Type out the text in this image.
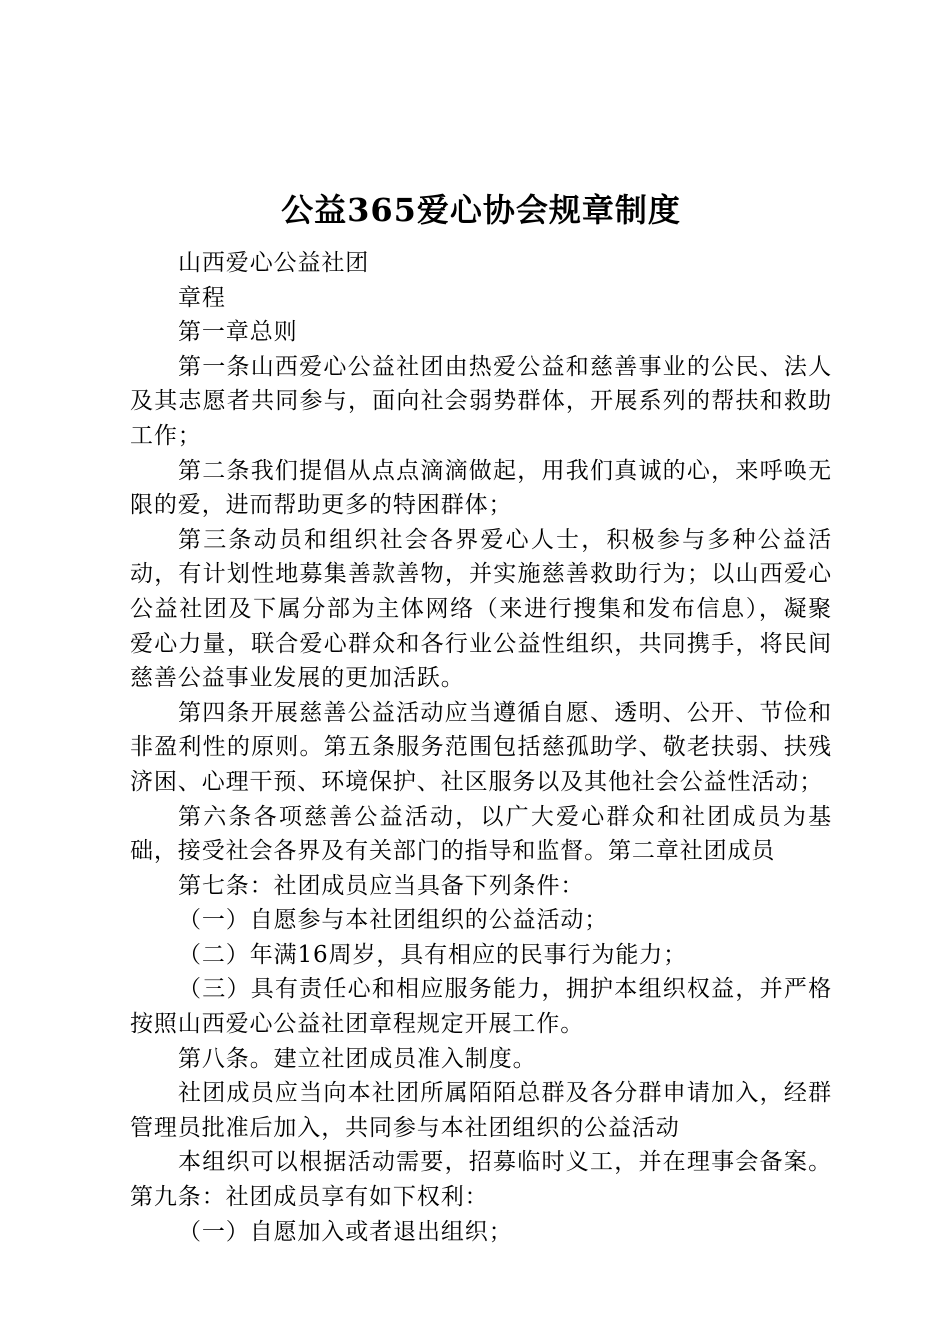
公益365爱心协会规章制度

山西爱心公益社团

章程

第一章总则

第一条山西爱心公益社团由热爱公益和慈善事业的公民、法人及其志愿者共同参与，面向社会弱势群体，开展系列的帮扶和救助工作；

第二条我们提倡从点点滴滴做起，用我们真诚的心，来呼唤无限的爱，进而帮助更多的特困群体；

第三条动员和组织社会各界爱心人士，积极参与多种公益活动，有计划性地募集善款善物，并实施慈善救助行为；以山西爱心公益社团及下属分部为主体网络（来进行搜集和发布信息），凝聚爱心力量，联合爱心群众和各行业公益性组织，共同携手，将民间慈善公益事业发展的更加活跃。

第四条开展慈善公益活动应当遵循自愿、透明、公开、节俭和非盈利性的原则。第五条服务范围包括慈孤助学、敬老扶弱、扶残济困、心理干预、环境保护、社区服务以及其他社会公益性活动；

第六条各项慈善公益活动，以广大爱心群众和社团成员为基础，接受社会各界及有关部门的指导和监督。第二章社团成员

第七条：社团成员应当具备下列条件：

（一）自愿参与本社团组织的公益活动；

（二）年满16周岁，具有相应的民事行为能力；

（三）具有责任心和相应服务能力，拥护本组织权益，并严格按照山西爱心公益社团章程规定开展工作。

第八条。建立社团成员准入制度。

社团成员应当向本社团所属陌陌总群及各分群申请加入，经群管理员批准后加入，共同参与本社团组织的公益活动

本组织可以根据活动需要，招募临时义工，并在理事会备案。第九条：社团成员享有如下权利：

（一）自愿加入或者退出组织；
